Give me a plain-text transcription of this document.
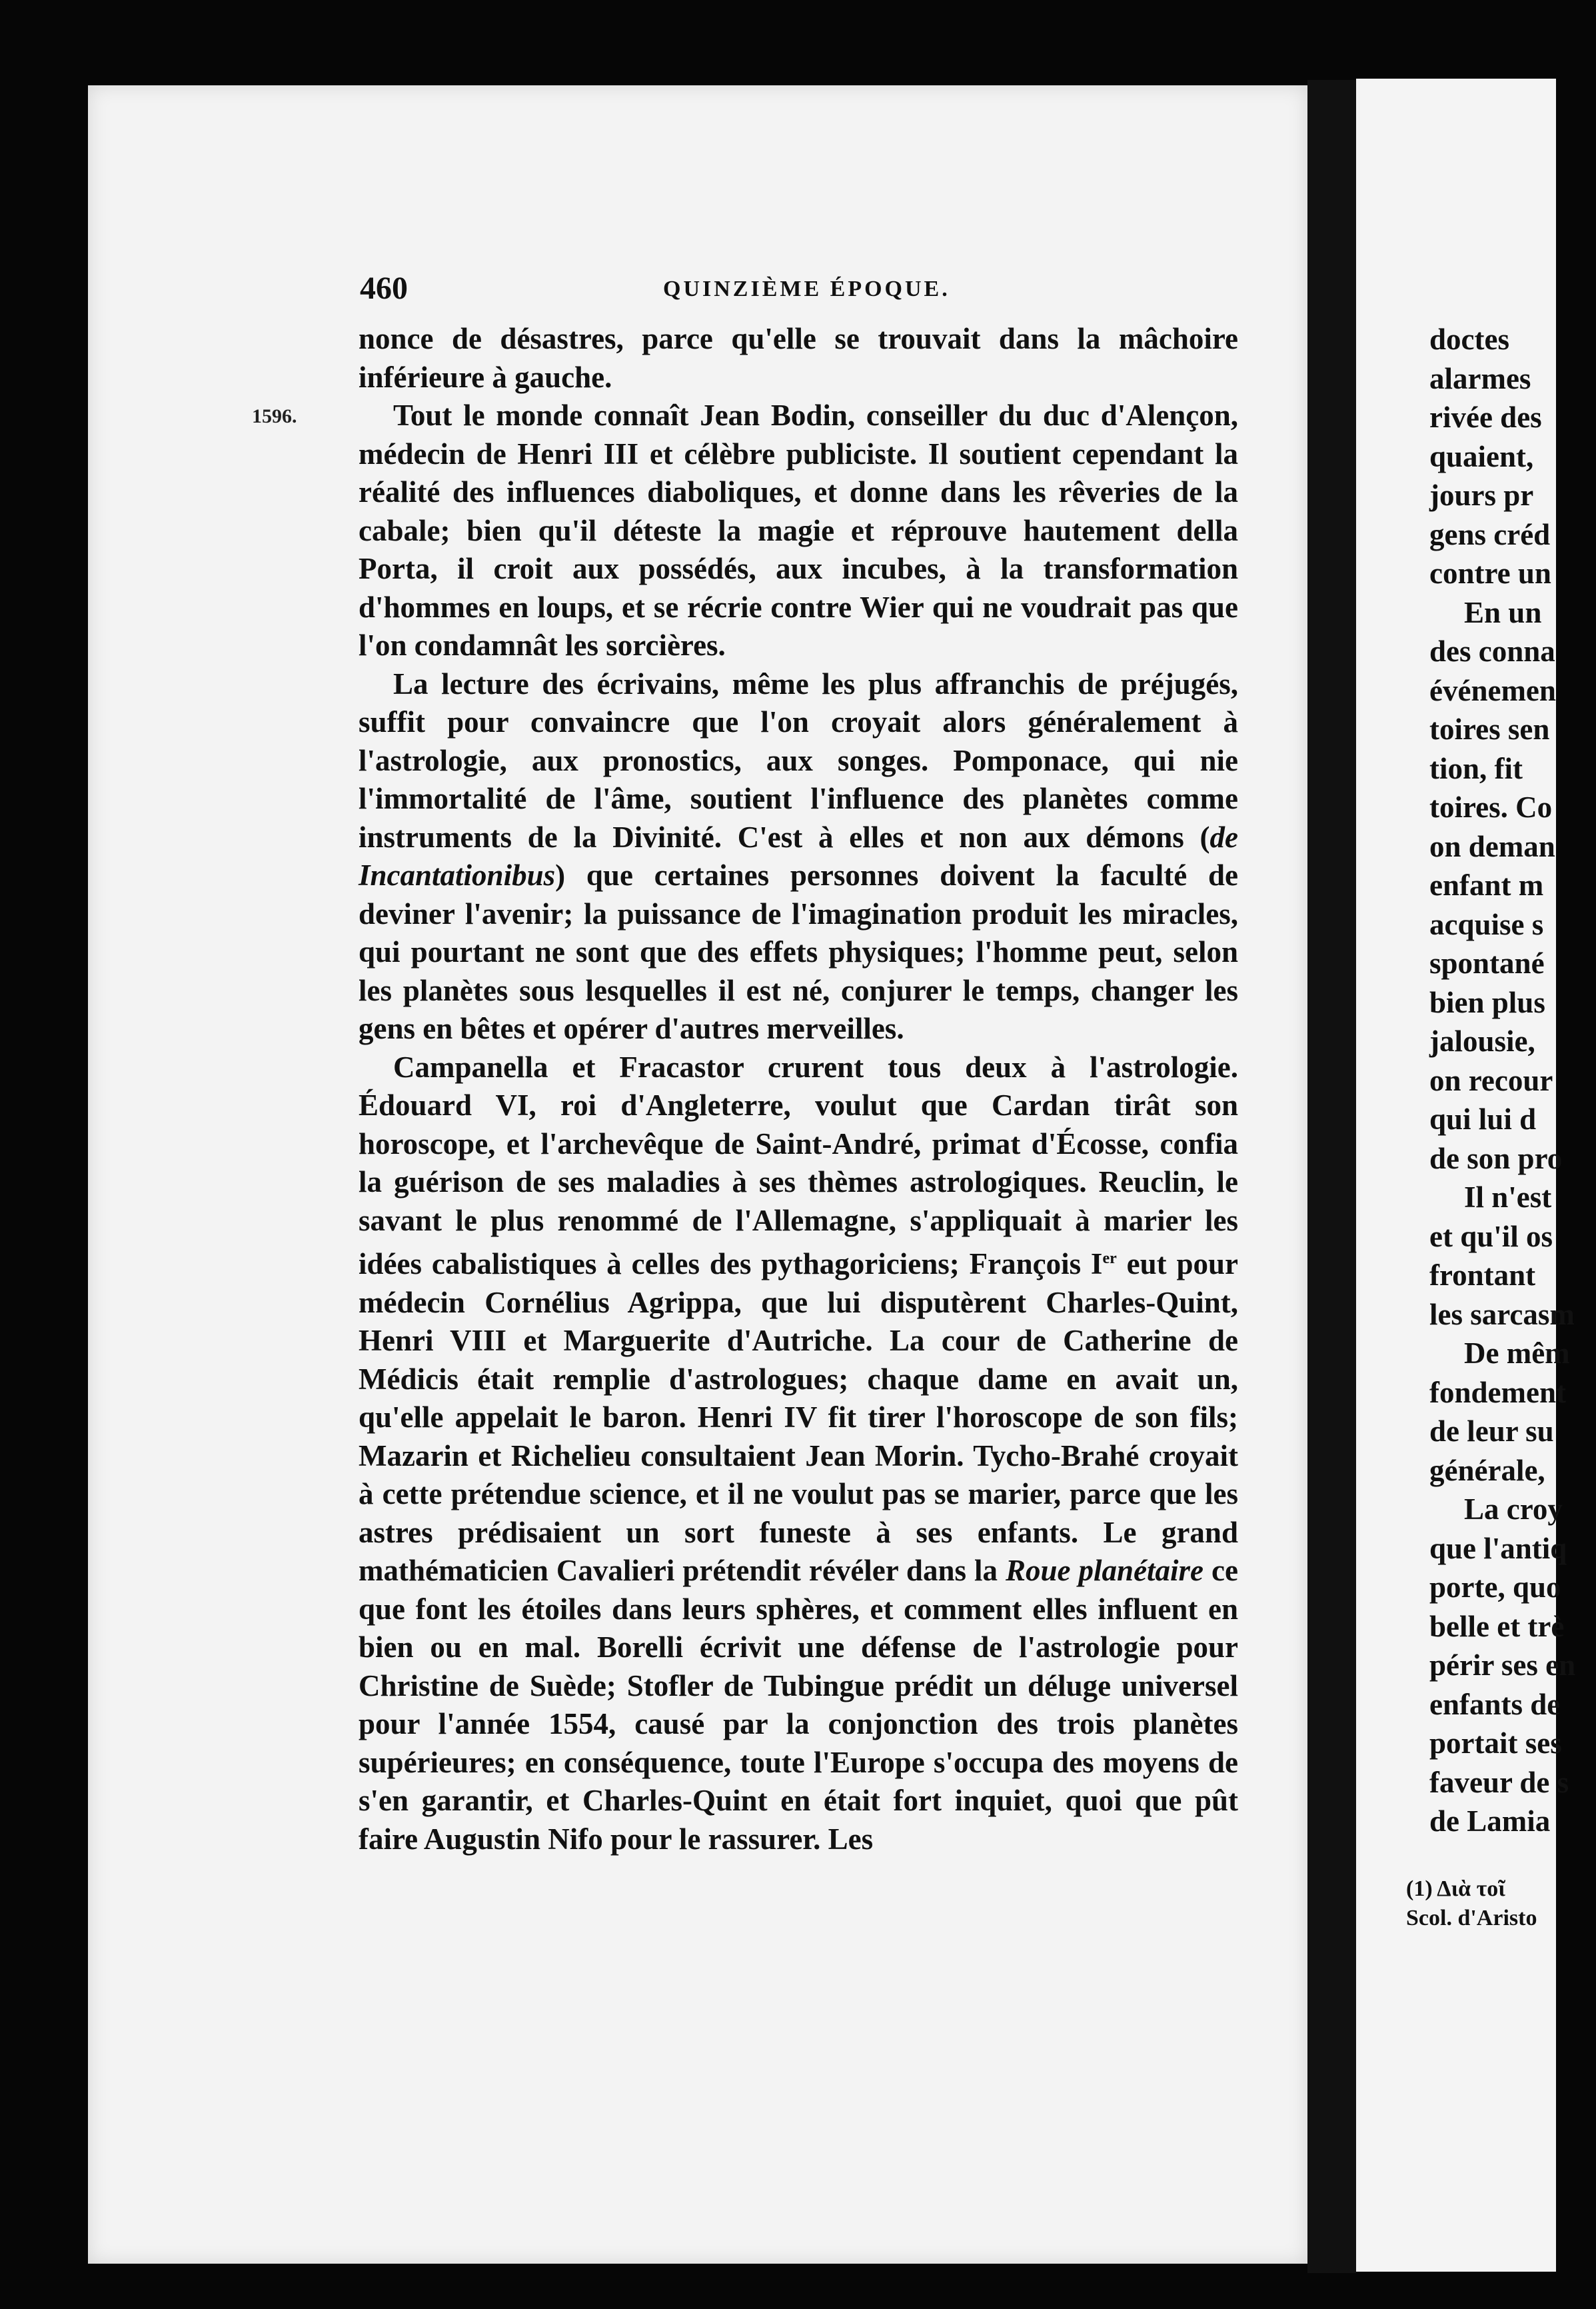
460	QUINZIÈME ÉPOQUE.
1596.

nonce de désastres, parce qu'elle se trouvait dans la mâchoire inférieure à gauche.

Tout le monde connaît Jean Bodin, conseiller du duc d'Alençon, médecin de Henri III et célèbre publiciste. Il soutient cependant la réalité des influences diaboliques, et donne dans les rêveries de la cabale; bien qu'il déteste la magie et réprouve hautement della Porta, il croit aux possédés, aux incubes, à la transformation d'hommes en loups, et se récrie contre Wier qui ne voudrait pas que l'on condamnât les sorcières.

La lecture des écrivains, même les plus affranchis de préjugés, suffit pour convaincre que l'on croyait alors généralement à l'astrologie, aux pronostics, aux songes. Pomponace, qui nie l'immortalité de l'âme, soutient l'influence des planètes comme instruments de la Divinité. C'est à elles et non aux démons (de Incantationibus) que certaines personnes doivent la faculté de deviner l'avenir; la puissance de l'imagination produit les miracles, qui pourtant ne sont que des effets physiques; l'homme peut, selon les planètes sous lesquelles il est né, conjurer le temps, changer les gens en bêtes et opérer d'autres merveilles.

Campanella et Fracastor crurent tous deux à l'astrologie. Édouard VI, roi d'Angleterre, voulut que Cardan tirât son horoscope, et l'archevêque de Saint-André, primat d'Écosse, confia la guérison de ses maladies à ses thèmes astrologiques. Reuclin, le savant le plus renommé de l'Allemagne, s'appliquait à marier les idées cabalistiques à celles des pythagoriciens; François Ier eut pour médecin Cornélius Agrippa, que lui disputèrent Charles-Quint, Henri VIII et Marguerite d'Autriche. La cour de Catherine de Médicis était remplie d'astrologues; chaque dame en avait un, qu'elle appelait le baron. Henri IV fit tirer l'horoscope de son fils; Mazarin et Richelieu consultaient Jean Morin. Tycho-Brahé croyait à cette prétendue science, et il ne voulut pas se marier, parce que les astres prédisaient un sort funeste à ses enfants. Le grand mathématicien Cavalieri prétendit révéler dans la Roue planétaire ce que font les étoiles dans leurs sphères, et comment elles influent en bien ou en mal. Borelli écrivit une défense de l'astrologie pour Christine de Suède; Stofler de Tubingue prédit un déluge universel pour l'année 1554, causé par la conjonction des trois planètes supérieures; en conséquence, toute l'Europe s'occupa des moyens de s'en garantir, et Charles-Quint en était fort inquiet, quoi que pût faire Augustin Nifo pour le rassurer. Les

doctes
alarmes
rivée des
quaient,
jours pr
gens créd
contre un
En un
des conna
événemen
toires sen
tion, fit
toires. Co
on deman
enfant m
acquise s
spontané
bien plus
jalousie,
on recour
qui lui d
de son pro
Il n'est
et qu'il os
frontant
les sarcasm
De mêm
fondement
de leur su
générale,
La croy
que l'antiq
porte, quo
belle et trè
périr ses en
enfants de
portait ses
faveur de s
de Lamia
(1) Διὰ τοῖ
Scol. d'Aristo
